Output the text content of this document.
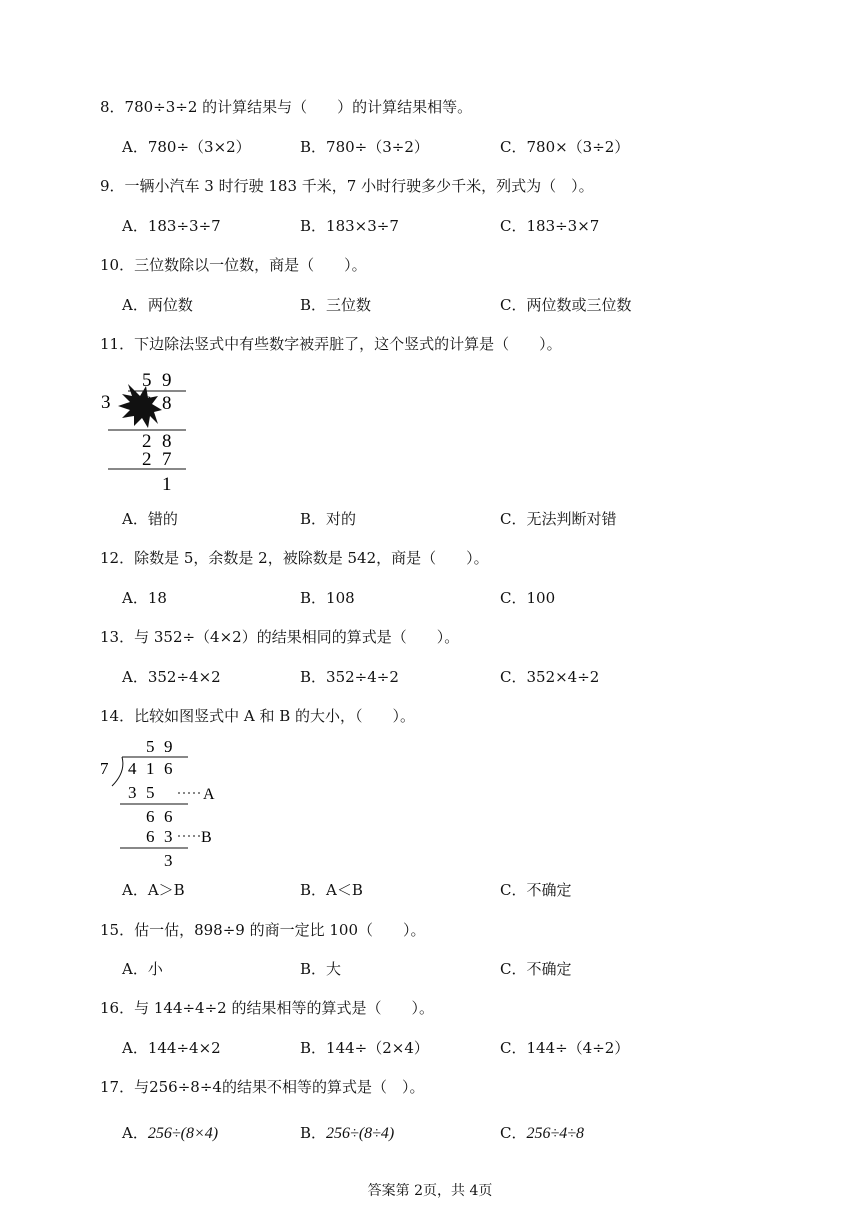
8．780÷3÷2 的计算结果与（　　）的计算结果相等。
A．780÷（3×2）	B．780÷（3÷2）	C．780×（3÷2）
9．一辆小汽车 3 时行驶 183 千米，7 小时行驶多少千米，列式为（　）。
A．183÷3÷7	B．183×3÷7	C．183÷3×7
10．三位数除以一位数，商是（　　）。
A．两位数	B．三位数	C．两位数或三位数
11．下边除法竖式中有些数字被弄脏了，这个竖式的计算是（　　）。
5 9
3	8
2 8
2 7
1
A．错的	B．对的	C．无法判断对错
12．除数是 5，余数是 2，被除数是 542，商是（　　）。
A．18	B．108	C．100
13．与 352÷（4×2）的结果相同的算式是（　　）。
A．352÷4×2	B．352÷4÷2	C．352×4÷2
14．比较如图竖式中 A 和 B 的大小，（　　）。
5 9
7 4 1 6
3 5	A
6 6
6 3 B
3
A．A＞B	B．A＜B	C．不确定
15．估一估，898÷9 的商一定比 100（　　）。
A．小	B．大	C．不确定
16．与 144÷4÷2 的结果相等的算式是（　　）。
A．144÷4×2	B．144÷（2×4）	C．144÷（4÷2）
17．与256÷8÷4的结果不相等的算式是（　）。
A．256÷(8×4)	B．256÷(8÷4)	C．256÷4÷8
答案第 2页，共 4页
